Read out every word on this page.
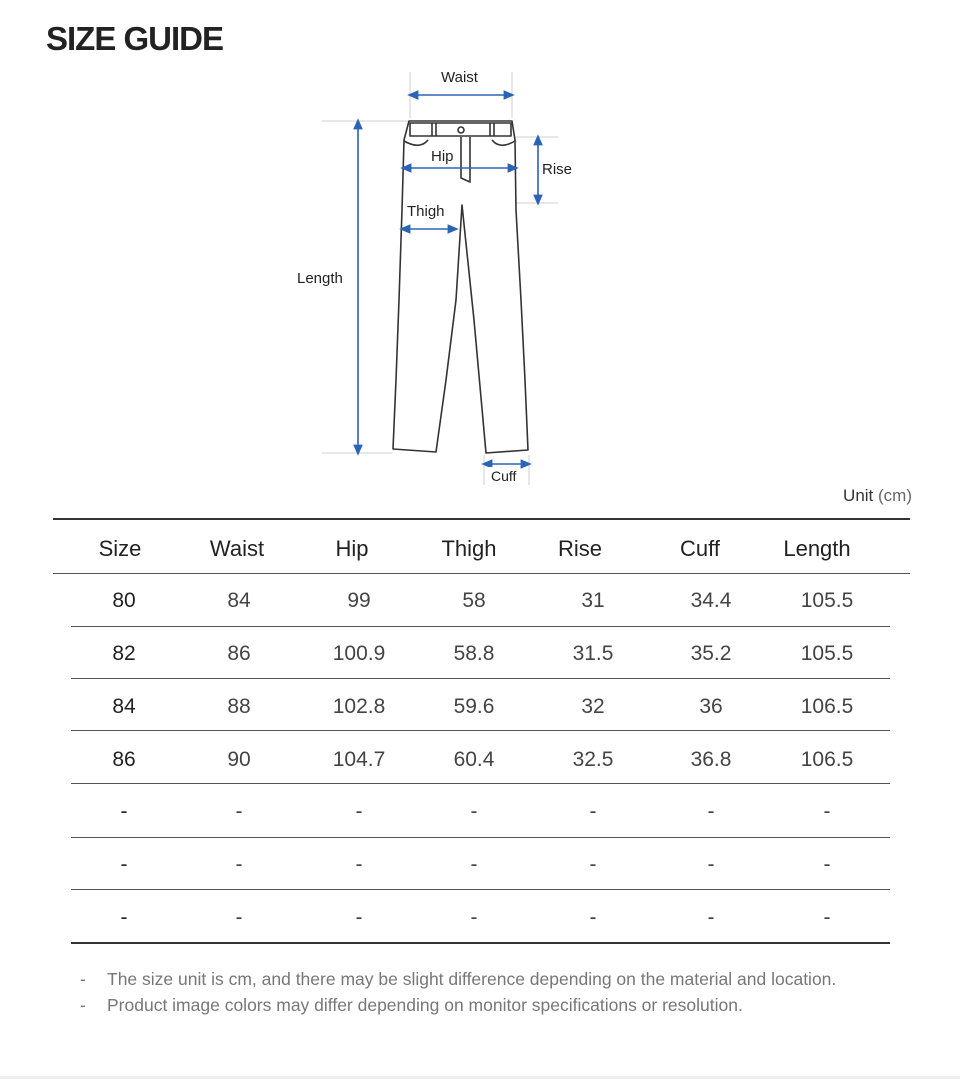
SIZE GUIDE
Waist
Hip
Rise
Thigh
Length
Cuff
Unit (cm)
Size	Waist	Hip	Thigh	Rise	Cuff	Length
80	84	99	58	31	34.4	105.5
82	86	100.9	58.8	31.5	35.2	105.5
84	88	102.8	59.6	32	36	106.5
86	90	104.7	60.4	32.5	36.8	106.5
-	-	-	-	-	-	-
-	-	-	-	-	-	-
-	-	-	-	-	-	-
-	The size unit is cm, and there may be slight difference depending on the material and location.
-	Product image colors may differ depending on monitor specifications or resolution.
